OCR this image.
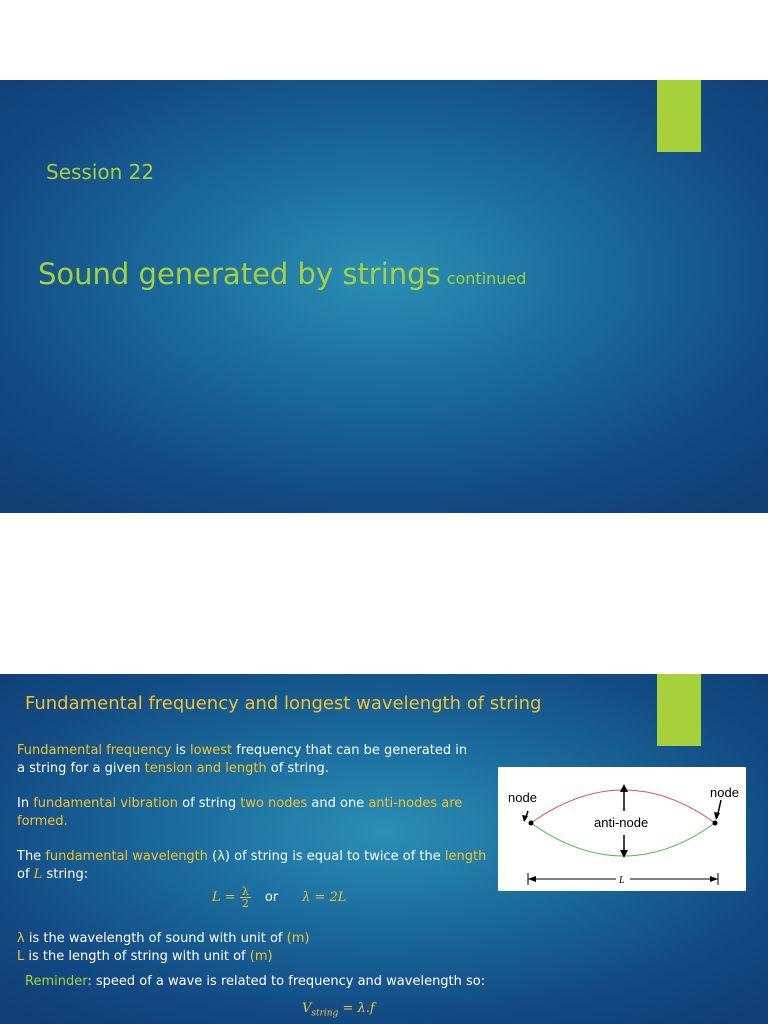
Session 22
Sound generated by strings continued
Fundamental frequency and longest wavelength of string
Fundamental frequency is lowest frequency that can be generated in a string for a given tension and length of string.
In fundamental vibration of string two nodes and one anti-nodes are formed.
The fundamental wavelength (λ) of string is equal to twice of the length of L string:
$L = \frac{\lambda}{2}$ or λ = 2L
λ is the wavelength of sound with unit of (m)
L is the length of string with unit of (m)
Reminder: speed of a wave is related to frequency and wavelength so:
$V_{string} = \lambda.f$
node	node
anti-node
L
